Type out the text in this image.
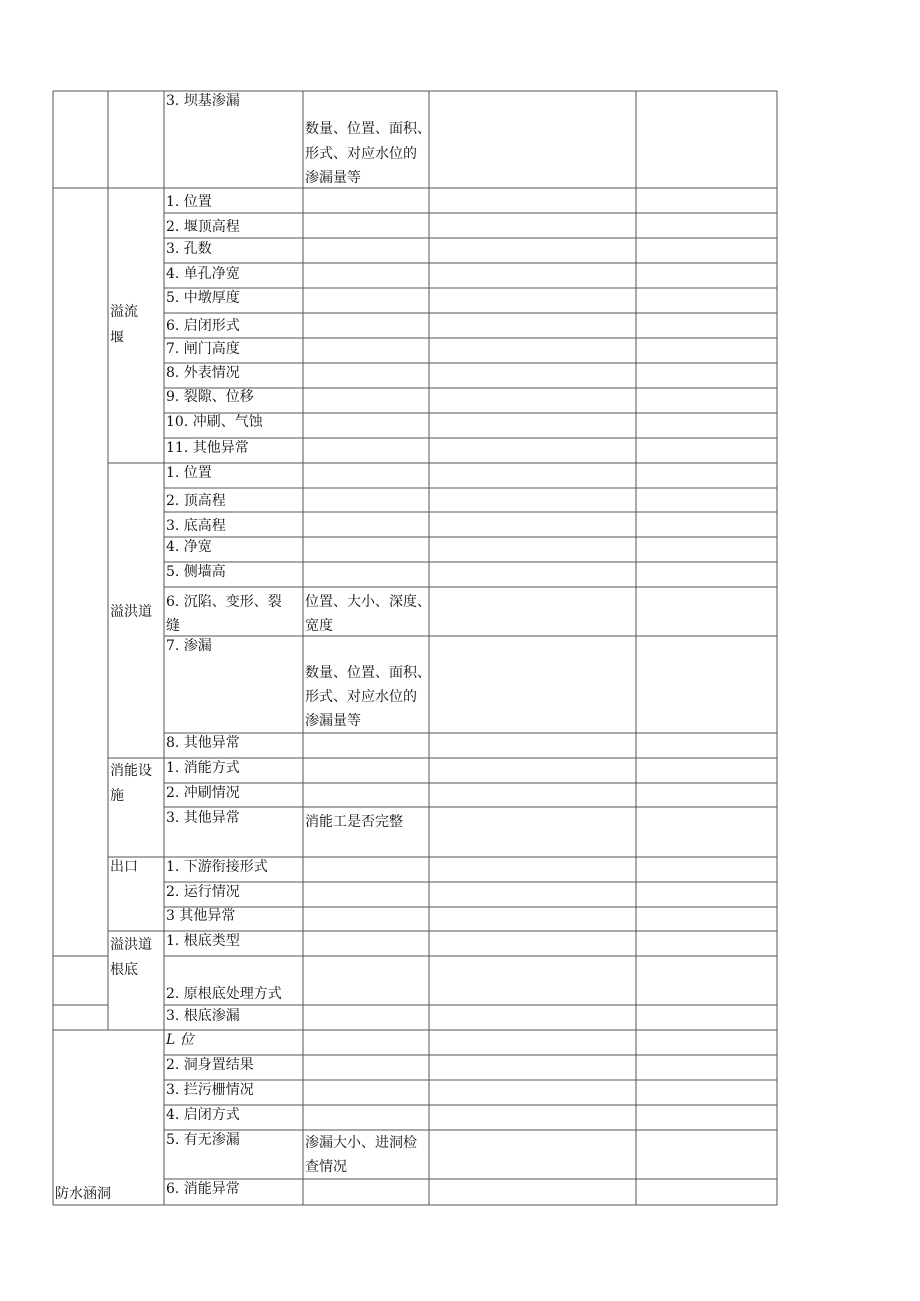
3. 坝基渗漏
数量、位置、面积、
形式、对应水位的
渗漏量等
溢流
堰
1. 位置
2. 堰顶高程
3. 孔数
4. 单孔净宽
5. 中墩厚度
6. 启闭形式
7. 闸门高度
8. 外表情况
9. 裂隙、位移
10. 冲刷、气蚀
11. 其他异常
溢洪道
1. 位置
2. 顶高程
3. 底高程
4. 净宽
5. 侧墙高
6. 沉陷、变形、裂
缝
位置、大小、深度、
宽度
7. 渗漏
数量、位置、面积、
形式、对应水位的
渗漏量等
8. 其他异常
消能设
施
1. 消能方式
2. 冲刷情况
3. 其他异常	消能工是否完整
出口 1. 下游衔接形式
2. 运行情况
3 其他异常
溢洪道
根底
1. 根底类型
2. 原根底处理方式
3. 根底渗漏
防水涵洞
L 位
2. 洞身置结果
3. 拦污栅情况
4. 启闭方式
5. 有无渗漏	渗漏大小、进洞检
查情况
6. 消能异常
